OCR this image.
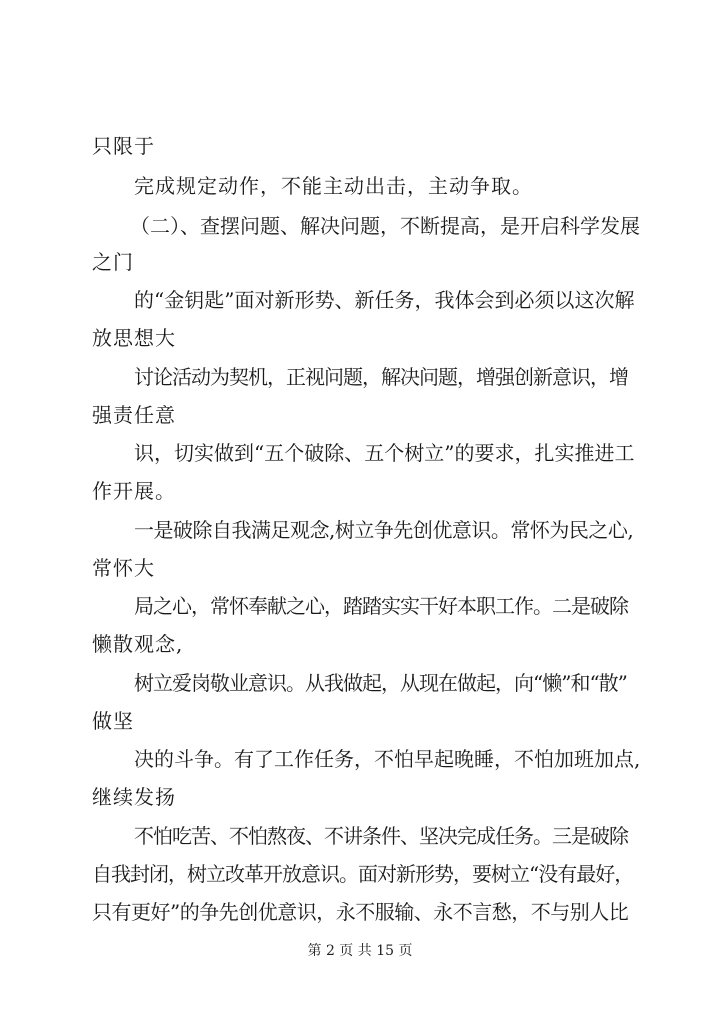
只限于
完成规定动作，不能主动出击，主动争取。
（二）、查摆问题、解决问题，不断提高，是开启科学发展
之门
的“金钥匙”面对新形势、新任务，我体会到必须以这次解
放思想大
讨论活动为契机，正视问题，解决问题，增强创新意识，增
强责任意
识，切实做到“五个破除、五个树立”的要求，扎实推进工
作开展。
一是破除自我满足观念,树立争先创优意识。常怀为民之心,
常怀大
局之心，常怀奉献之心，踏踏实实干好本职工作。二是破除
懒散观念,
树立爱岗敬业意识。从我做起，从现在做起，向“懒”和“散”
做坚
决的斗争。有了工作任务，不怕早起晚睡，不怕加班加点,
继续发扬
不怕吃苦、不怕熬夜、不讲条件、坚决完成任务。三是破除
自我封闭，树立改革开放意识。面对新形势，要树立“没有最好，
只有更好”的争先创优意识，永不服输、永不言愁，不与别人比
第 2 页 共 15 页
